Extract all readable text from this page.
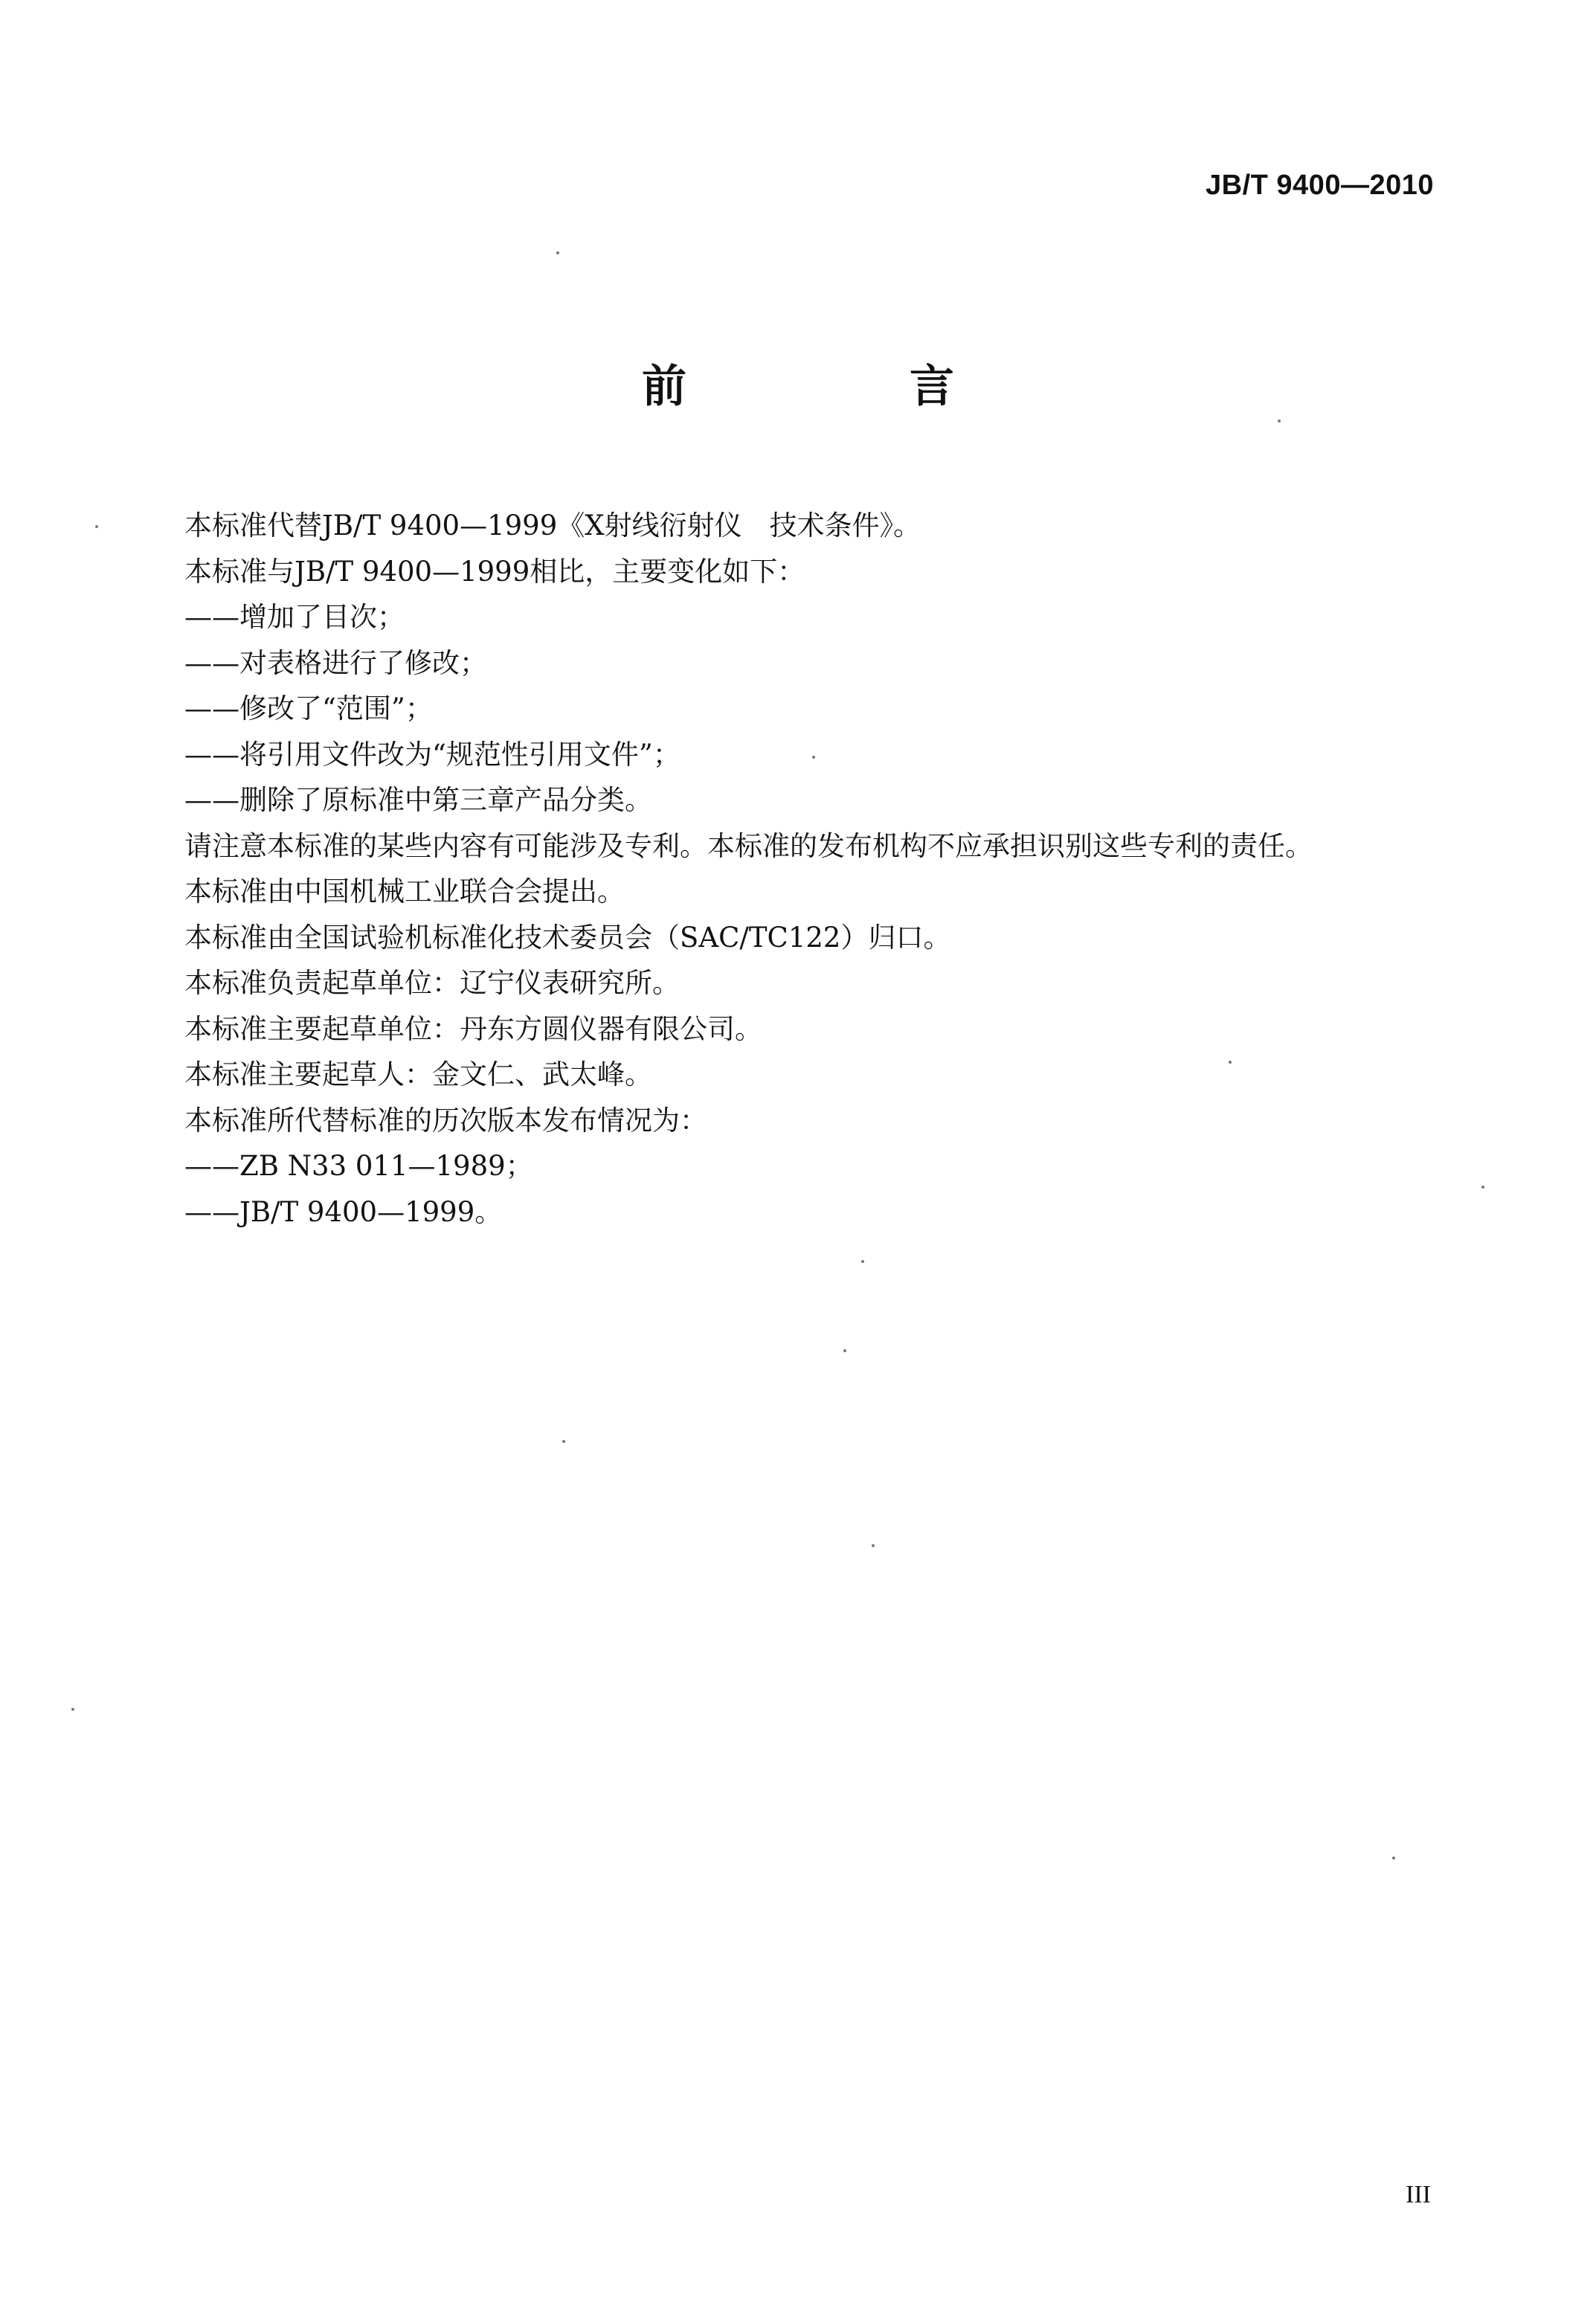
JB/T 9400—2010
前　言
本标准代替JB/T 9400—1999《X射线衍射仪　技术条件》。
本标准与JB/T 9400—1999相比，主要变化如下：
——增加了目次；
——对表格进行了修改；
——修改了“范围”；
——将引用文件改为“规范性引用文件”；
——删除了原标准中第三章产品分类。
请注意本标准的某些内容有可能涉及专利。本标准的发布机构不应承担识别这些专利的责任。
本标准由中国机械工业联合会提出。
本标准由全国试验机标准化技术委员会（SAC/TC122）归口。
本标准负责起草单位：辽宁仪表研究所。
本标准主要起草单位：丹东方圆仪器有限公司。
本标准主要起草人：金文仁、武太峰。
本标准所代替标准的历次版本发布情况为：
——ZB N33 011—1989；
——JB/T 9400—1999。
III
